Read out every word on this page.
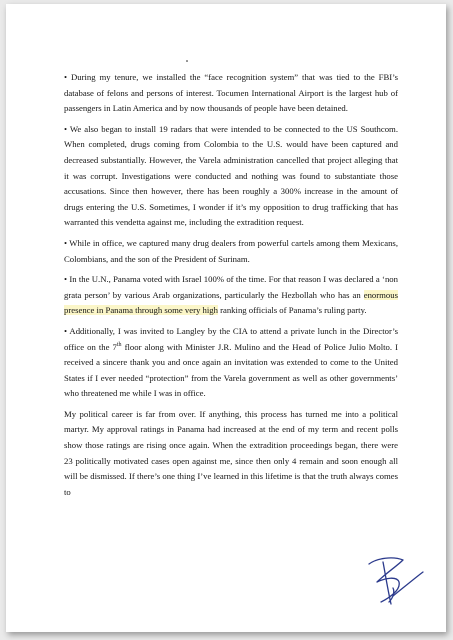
• During my tenure, we installed the “face recognition system” that was tied to the FBI’s database of felons and persons of interest. Tocumen International Airport is the largest hub of passengers in Latin America and by now thousands of people have been detained.

• We also began to install 19 radars that were intended to be connected to the US Southcom. When completed, drugs coming from Colombia to the U.S. would have been captured and decreased substantially. However, the Varela administration cancelled that project alleging that it was corrupt. Investigations were conducted and nothing was found to substantiate those accusations. Since then however, there has been roughly a 300% increase in the amount of drugs entering the U.S. Sometimes, I wonder if it’s my opposition to drug trafficking that has warranted this vendetta against me, including the extradition request.

• While in office, we captured many drug dealers from powerful cartels among them Mexicans, Colombians, and the son of the President of Surinam.

• In the U.N., Panama voted with Israel 100% of the time. For that reason I was declared a ‘non grata person’ by various Arab organizations, particularly the Hezbollah who has an enormous presence in Panama through some very high ranking officials of Panama’s ruling party.

• Additionally, I was invited to Langley by the CIA to attend a private lunch in the Director’s office on the 7th floor along with Minister J.R. Mulino and the Head of Police Julio Molto. I received a sincere thank you and once again an invitation was extended to come to the United States if I ever needed “protection” from the Varela government as well as other governments’ who threatened me while I was in office.

My political career is far from over. If anything, this process has turned me into a political martyr. My approval ratings in Panama had increased at the end of my term and recent polls show those ratings are rising once again. When the extradition proceedings began, there were 23 politically motivated cases open against me, since then only 4 remain and soon enough all will be dismissed. If there’s one thing I’ve learned in this lifetime is that the truth always comes to
